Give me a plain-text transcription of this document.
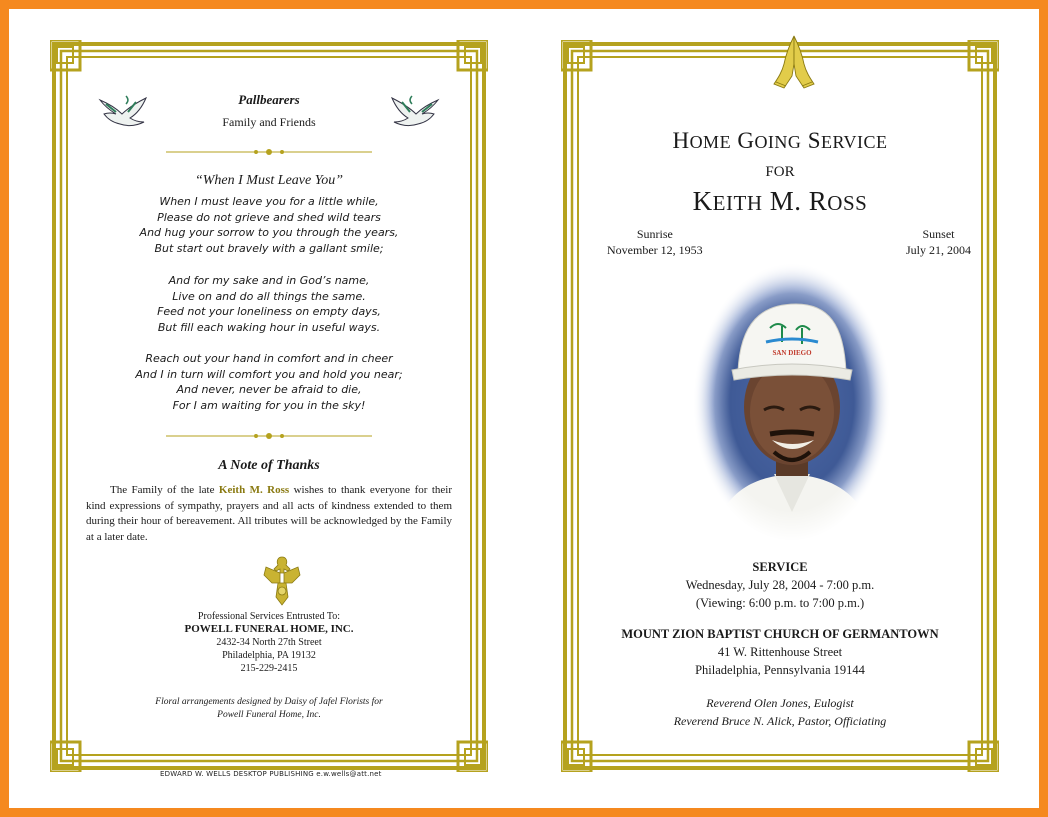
Pallbearers
Family and Friends
“When I Must Leave You”
When I must leave you for a little while,
Please do not grieve and shed wild tears
And hug your sorrow to you through the years,
But start out bravely with a gallant smile;
And for my sake and in God’s name,
Live on and do all things the same.
Feed not your loneliness on empty days,
But fill each waking hour in useful ways.
Reach out your hand in comfort and in cheer
And I in turn will comfort you and hold you near;
And never, never be afraid to die,
For I am waiting for you in the sky!
A Note of Thanks
The Family of the late Keith M. Ross wishes to thank everyone for their kind expressions of sympathy, prayers and all acts of kindness extended to them during their hour of bereavement. All tributes will be acknowledged by the Family at a later date.
Professional Services Entrusted To:
POWELL FUNERAL HOME, INC.
2432-34 North 27th Street
Philadelphia, PA 19132
215-229-2415
Floral arrangements designed by Daisy of Jafel Florists for
Powell Funeral Home, Inc.
EDWARD W. WELLS DESKTOP PUBLISHING e.w.wells@att.net
HOME GOING SERVICE
FOR
KEITH M. ROSS
Sunrise
November 12, 1953
Sunset
July 21, 2004
SERVICE
Wednesday, July 28, 2004 - 7:00 p.m.
(Viewing: 6:00 p.m. to 7:00 p.m.)
MOUNT ZION BAPTIST CHURCH OF GERMANTOWN
41 W. Rittenhouse Street
Philadelphia, Pennsylvania 19144
Reverend Olen Jones, Eulogist
Reverend Bruce N. Alick, Pastor, Officiating
